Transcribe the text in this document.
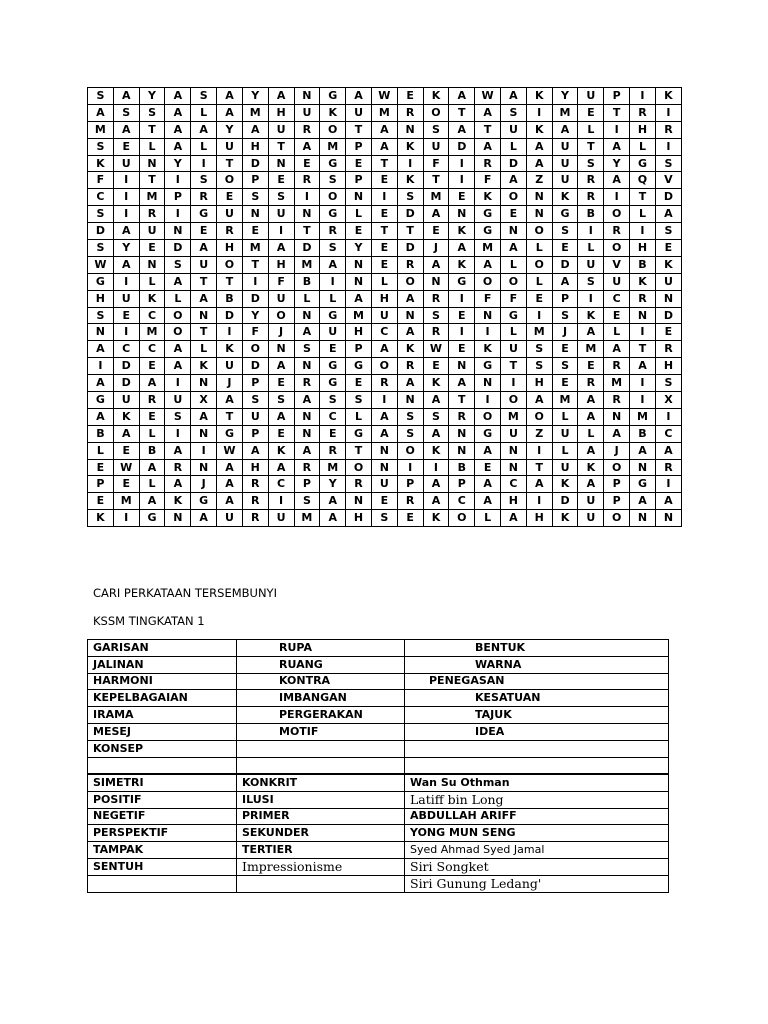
S	A	Y	A	S	A	Y	A	N	G	A	W	E	K	A	W	A	K	Y	U	P	I	K
A	S	S	A	L	A	M	H	U	K	U	M	R	O	T	A	S	I	M	E	T	R	I
M	A	T	A	A	Y	A	U	R	O	T	A	N	S	A	T	U	K	A	L	I	H	R
S	E	L	A	L	U	H	T	A	M	P	A	K	U	D	A	L	A	U	T	A	L	I
K	U	N	Y	I	T	D	N	E	G	E	T	I	F	I	R	D	A	U	S	Y	G	S
F	I	T	I	S	O	P	E	R	S	P	E	K	T	I	F	A	Z	U	R	A	Q	V
C	I	M	P	R	E	S	S	I	O	N	I	S	M	E	K	O	N	K	R	I	T	D
S	I	R	I	G	U	N	U	N	G	L	E	D	A	N	G	E	N	G	B	O	L	A
D	A	U	N	E	R	E	I	T	R	E	T	T	E	K	G	N	O	S	I	R	I	S
S	Y	E	D	A	H	M	A	D	S	Y	E	D	J	A	M	A	L	E	L	O	H	E
W	A	N	S	U	O	T	H	M	A	N	E	R	A	K	A	L	O	D	U	V	B	K
G	I	L	A	T	T	I	F	B	I	N	L	O	N	G	O	O	L	A	S	U	K	U
H	U	K	L	A	B	D	U	L	L	A	H	A	R	I	F	F	E	P	I	C	R	N
S	E	C	O	N	D	Y	O	N	G	M	U	N	S	E	N	G	I	S	K	E	N	D
N	I	M	O	T	I	F	J	A	U	H	C	A	R	I	I	L	M	J	A	L	I	E
A	C	C	A	L	K	O	N	S	E	P	A	K	W	E	K	U	S	E	M	A	T	R
I	D	E	A	K	U	D	A	N	G	G	O	R	E	N	G	T	S	S	E	R	A	H
A	D	A	I	N	J	P	E	R	G	E	R	A	K	A	N	I	H	E	R	M	I	S
G	U	R	U	X	A	S	S	A	S	S	I	N	A	T	I	O	A	M	A	R	I	X
A	K	E	S	A	T	U	A	N	C	L	A	S	S	R	O	M	O	L	A	N	M	I
B	A	L	I	N	G	P	E	N	E	G	A	S	A	N	G	U	Z	U	L	A	B	C
L	E	B	A	I	W	A	K	A	R	T	N	O	K	N	A	N	I	L	A	J	A	A
E	W	A	R	N	A	H	A	R	M	O	N	I	I	B	E	N	T	U	K	O	N	R
P	E	L	A	J	A	R	C	P	Y	R	U	P	A	P	A	C	A	K	A	P	G	I
E	M	A	K	G	A	R	I	S	A	N	E	R	A	C	A	H	I	D	U	P	A	A
K	I	G	N	A	U	R	U	M	A	H	S	E	K	O	L	A	H	K	U	O	N	N
CARI PERKATAAN TERSEMBUNYI
KSSM TINGKATAN 1
GARISAN	RUPA	BENTUK
JALINAN	RUANG	WARNA
HARMONI	KONTRA	PENEGASAN
KEPELBAGAIAN	IMBANGAN	KESATUAN
IRAMA	PERGERAKAN	TAJUK
MESEJ	MOTIF	IDEA
KONSEP		

SIMETRI	KONKRIT	Wan Su Othman
POSITIF	ILUSI	Latiff bin Long
NEGETIF	PRIMER	ABDULLAH ARIFF
PERSPEKTIF	SEKUNDER	YONG MUN SENG
TAMPAK	TERTIER	Syed Ahmad Syed Jamal
SENTUH	Impressionisme	Siri Songket
		Siri Gunung Ledang'
